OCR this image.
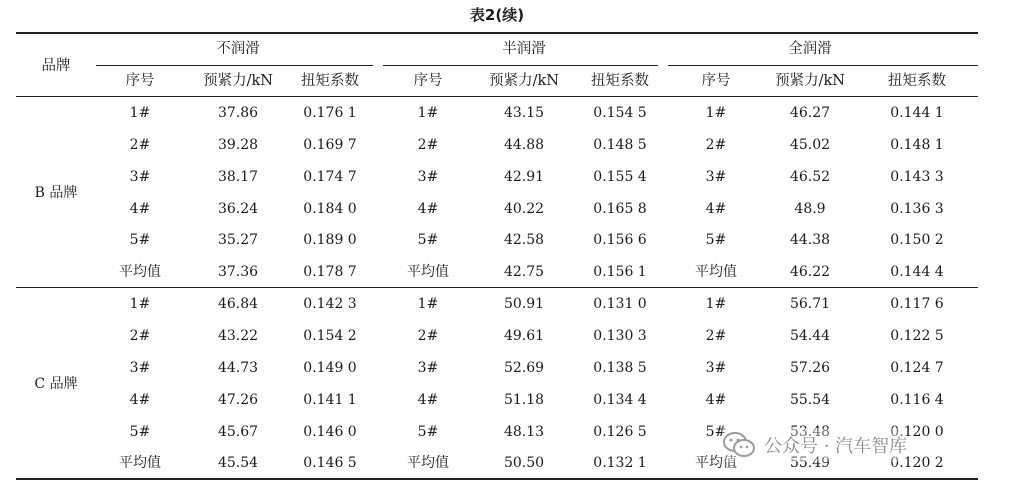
表2(续)
品牌
不润滑
序号	预紧力/kN 扭矩系数
半润滑
序号	预紧力/kN 扭矩系数
全润滑
序号	预紧力/kN	扭矩系数
B 品牌
1#	37.86	0.176 1	1#	43.15	0.154 5	1#	46.27	0.144 1
2#	39.28	0.169 7	2#	44.88	0.148 5	2#	45.02	0.148 1
3#	38.17	0.174 7	3#	42.91	0.155 4	3#	46.52	0.143 3
4#	36.24	0.184 0	4#	40.22	0.165 8	4#	48.9	0.136 3
5#	35.27	0.189 0	5#	42.58	0.156 6	5#	44.38	0.150 2
平均值	37.36	0.178 7	平均值	42.75	0.156 1	平均值	46.22	0.144 4
C 品牌
1#	46.84	0.142 3	1#	50.91	0.131 0	1#	56.71	0.117 6
2#	43.22	0.154 2	2#	49.61	0.130 3	2#	54.44	0.122 5
3#	44.73	0.149 0	3#	52.69	0.138 5	3#	57.26	0.124 7
4#	47.26	0.141 1	4#	51.18	0.134 4	4#	55.54	0.116 4
5#	45.67	0.146 0	5#	48.13	0.126 5	5#	53.48	0.120 0
平均值	45.54	0.146 5	平均值	50.50	0.132 1	平均值	55.49	0.120 2
公众号 · 汽车智库
